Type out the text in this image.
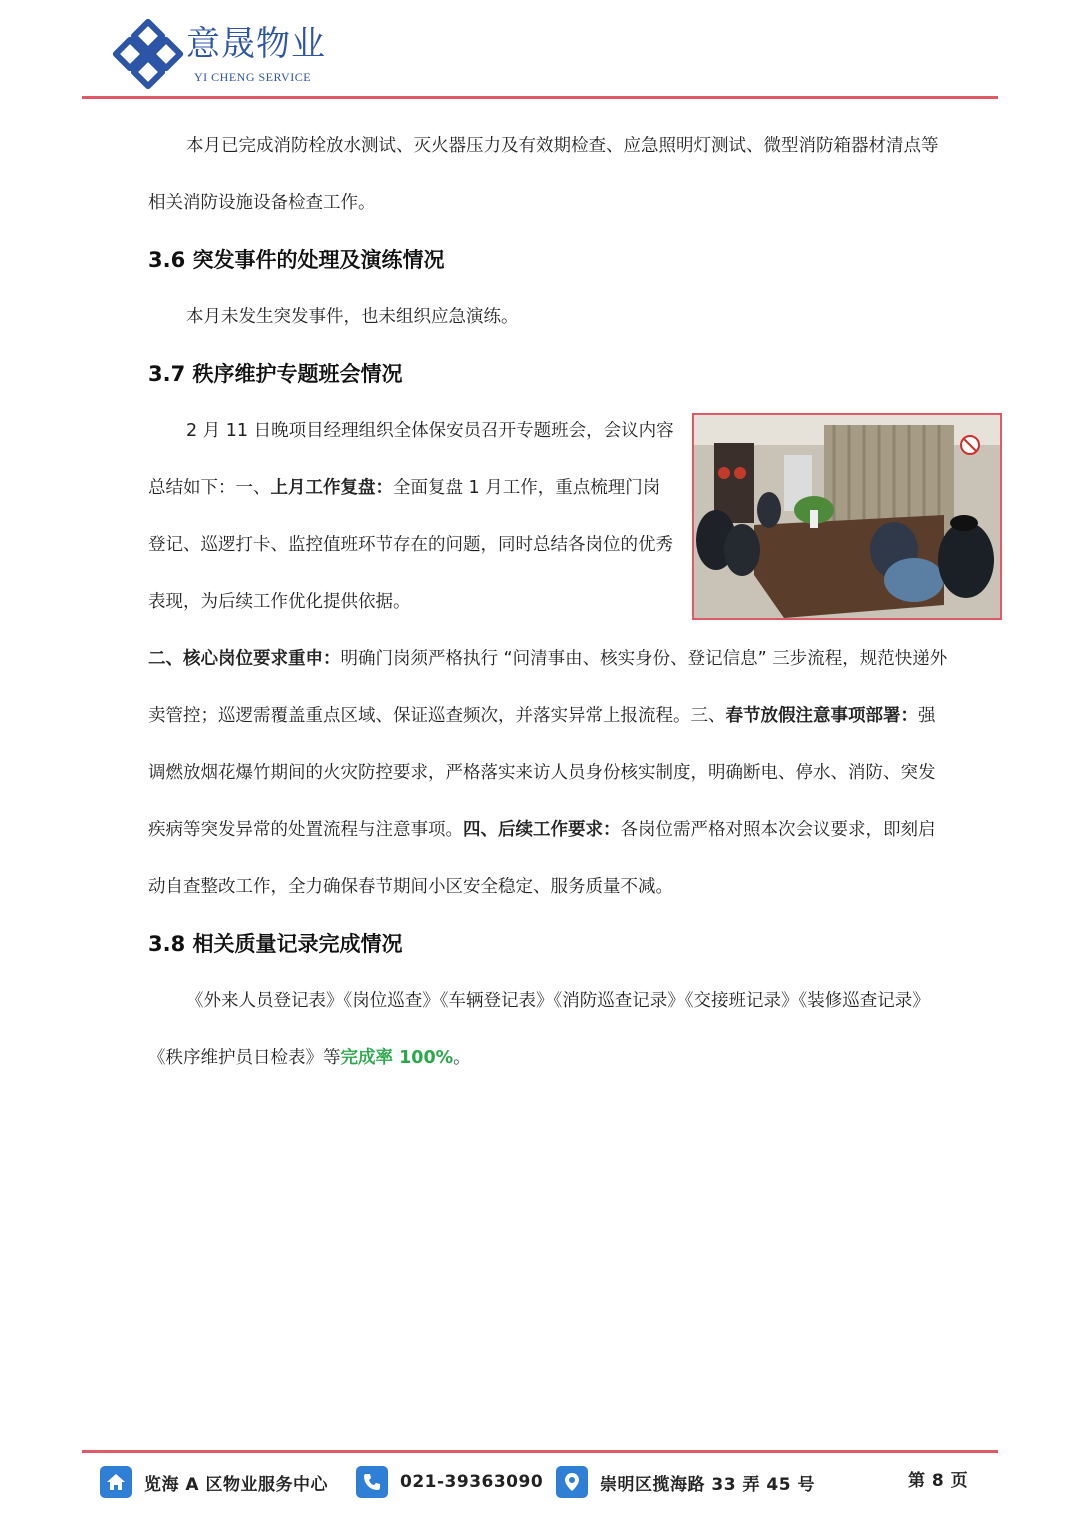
意晟物业
YI CHENG SERVICE

本月已完成消防栓放水测试、灭火器压力及有效期检查、应急照明灯测试、微型消防箱器材清点等相关消防设施设备检查工作。

3.6 突发事件的处理及演练情况

本月未发生突发事件，也未组织应急演练。

3.7 秩序维护专题班会情况

2 月 11 日晚项目经理组织全体保安员召开专题班会，会议内容总结如下：一、上月工作复盘：全面复盘 1 月工作，重点梳理门岗登记、巡逻打卡、监控值班环节存在的问题，同时总结各岗位的优秀表现，为后续工作优化提供依据。
二、核心岗位要求重申：明确门岗须严格执行 “问清事由、核实身份、登记信息” 三步流程，规范快递外卖管控；巡逻需覆盖重点区域、保证巡查频次，并落实异常上报流程。三、春节放假注意事项部署：强调燃放烟花爆竹期间的火灾防控要求，严格落实来访人员身份核实制度，明确断电、停水、消防、突发疾病等突发异常的处置流程与注意事项。四、后续工作要求：各岗位需严格对照本次会议要求，即刻启动自查整改工作，全力确保春节期间小区安全稳定、服务质量不减。

3.8 相关质量记录完成情况

《外来人员登记表》《岗位巡查》《车辆登记表》《消防巡查记录》《交接班记录》《装修巡查记录》《秩序维护员日检表》等完成率 100%。

览海 A 区物业服务中心	021-39363090	崇明区揽海路 33 弄 45 号	第 8 页
